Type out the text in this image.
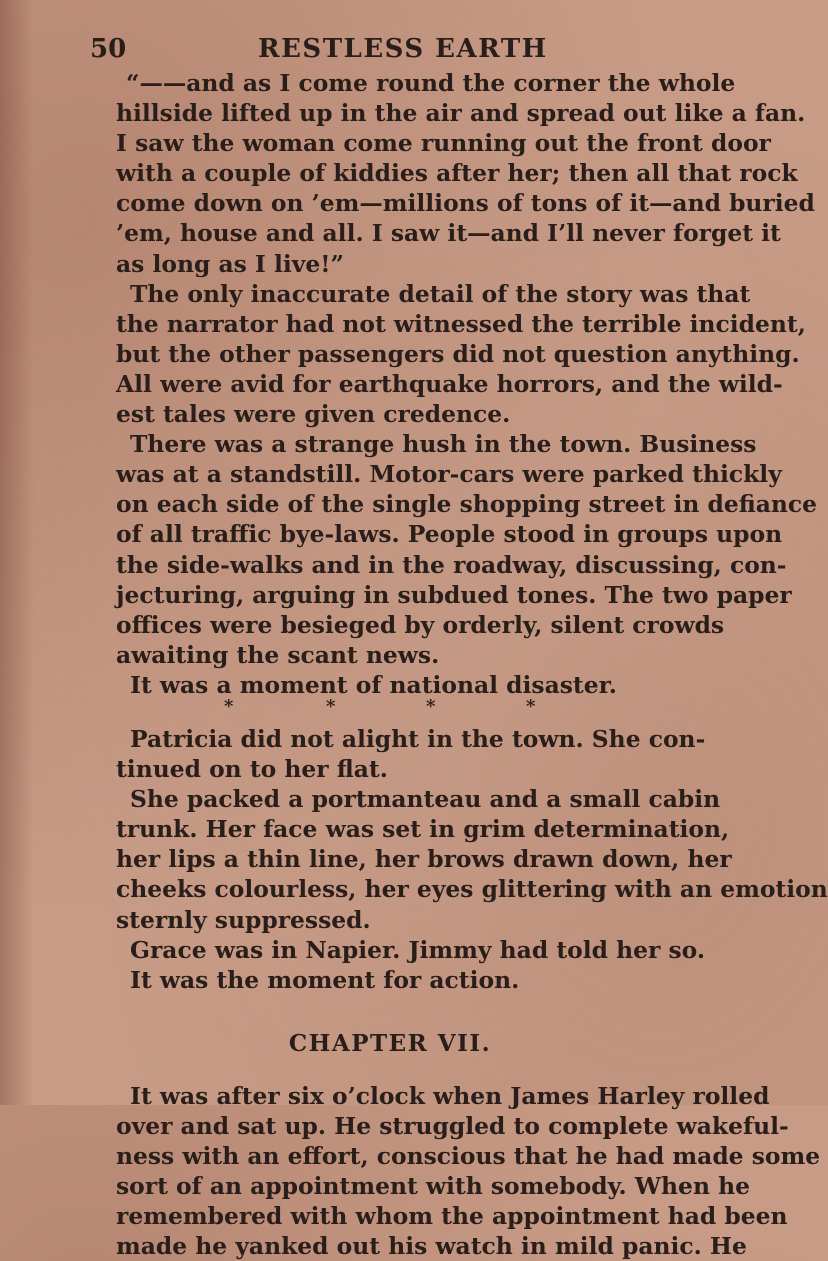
50	RESTLESS EARTH
“——and as I come round the corner the whole
hillside lifted up in the air and spread out like a fan.
I saw the woman come running out the front door
with a couple of kiddies after her; then all that rock
come down on ’em—millions of tons of it—and buried
’em, house and all. I saw it—and I’ll never forget it
as long as I live!”
The only inaccurate detail of the story was that
the narrator had not witnessed the terrible incident,
but the other passengers did not question anything.
All were avid for earthquake horrors, and the wild-
est tales were given credence.
There was a strange hush in the town. Business
was at a standstill. Motor-cars were parked thickly
on each side of the single shopping street in defiance
of all traffic bye-laws. People stood in groups upon
the side-walks and in the roadway, discussing, con-
jecturing, arguing in subdued tones. The two paper
offices were besieged by orderly, silent crowds
awaiting the scant news.
It was a moment of national disaster.
*	*	*	*
Patricia did not alight in the town. She con-
tinued on to her flat.
She packed a portmanteau and a small cabin
trunk. Her face was set in grim determination,
her lips a thin line, her brows drawn down, her
cheeks colourless, her eyes glittering with an emotion
sternly suppressed.
Grace was in Napier. Jimmy had told her so.
It was the moment for action.
CHAPTER VII.
It was after six o’clock when James Harley rolled
over and sat up. He struggled to complete wakeful-
ness with an effort, conscious that he had made some
sort of an appointment with somebody. When he
remembered with whom the appointment had been
made he yanked out his watch in mild panic. He
